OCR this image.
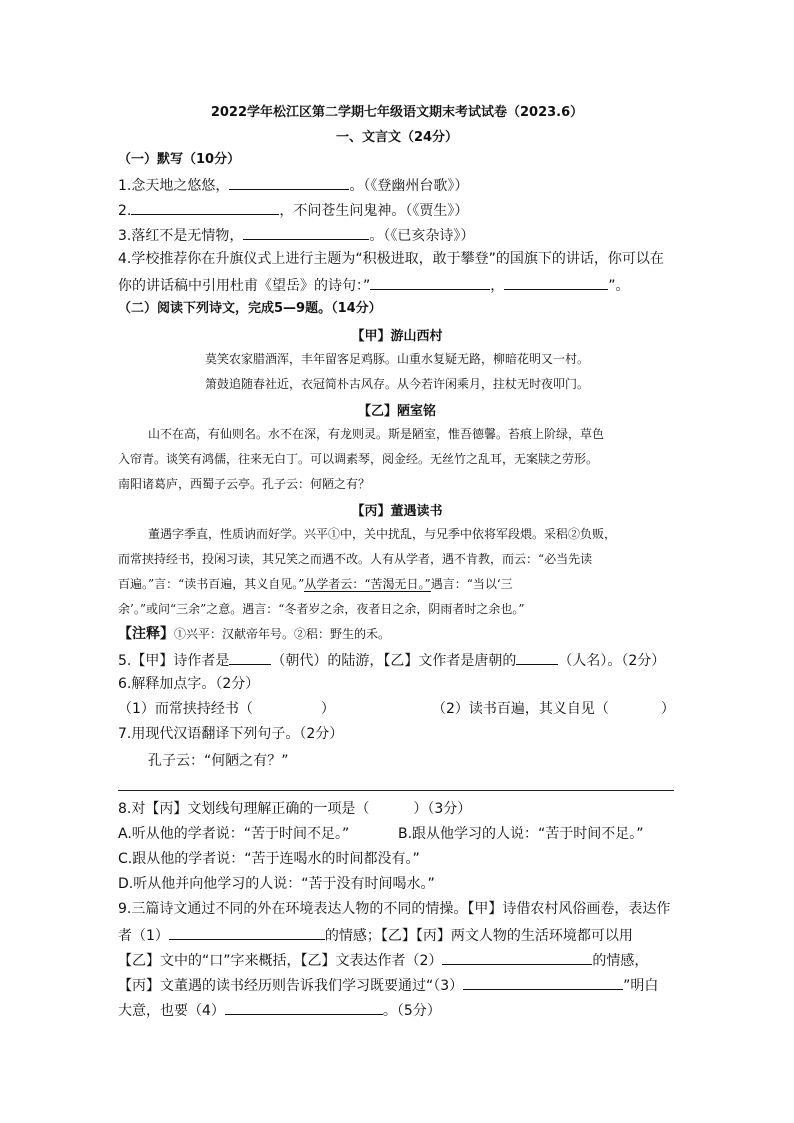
2022学年松江区第二学期七年级语文期末考试试卷（2023.6）
一、文言文（24分）
（一）默写（10分）
1.念天地之悠悠，	。（《登幽州台歌》）
2.	，不问苍生问鬼神。（《贾生》）
3.落红不是无情物，	。（《已亥杂诗》）
4.学校推荐你在升旗仪式上进行主题为“积极进取，敢于攀登”的国旗下的讲话，你可以在
你的讲话稿中引用杜甫《望岳》的诗句：”	，	”。
（二）阅读下列诗文，完成5—9题。（14分）
【甲】游山西村
莫笑农家腊酒浑，丰年留客足鸡豚。山重水复疑无路，柳暗花明又一村。
箫鼓追随春社近，衣冠简朴古风存。从今若许闲乘月，拄杖无时夜叩门。
【乙】陋室铭
山不在高，有仙则名。水不在深，有龙则灵。斯是陋室，惟吾德馨。苔痕上阶绿，草色
入帘青。谈笑有鸿儒，往来无白丁。可以调素琴，阅金经。无丝竹之乱耳，无案牍之劳形。
南阳诸葛庐，西蜀子云亭。孔子云：何陋之有？
【丙】董遇读书
董遇字季直，性质讷而好学。兴平①中，关中扰乱，与兄季中依将军段煨。采稆②负贩，
而常挟持经书，投闲习读，其兄笑之而遇不改。人有从学者，遇不肯教，而云：“必当先读
百遍。”言：“读书百遍，其义自见。”从学者云：“苦渴无日。”遇言：“当以‘三
余’。”或问“三余”之意。遇言：“冬者岁之余，夜者日之余，阴雨者时之余也。”
【注释】①兴平：汉献帝年号。②稆：野生的禾。
5.【甲】诗作者是	（朝代）的陆游，【乙】文作者是唐朝的	（人名）。（2分）
6.解释加点字。（2分）
（1）而常挟持经书（	）	（2）读书百遍，其义自见（	）
7.用现代汉语翻译下列句子。（2分）
孔子云：“何陋之有？”
8.对【丙】文划线句理解正确的一项是（	）（3分）
A.听从他的学者说：“苦于时间不足。”	B.跟从他学习的人说：“苦于时间不足。”
C.跟从他的学者说：“苦于连喝水的时间都没有。”
D.听从他并向他学习的人说：“苦于没有时间喝水。”
9.三篇诗文通过不同的外在环境表达人物的不同的情操。【甲】诗借农村风俗画卷，表达作
者（1）	的情感；【乙】【丙】两文人物的生活环境都可以用
【乙】文中的“口”字来概括，【乙】文表达作者（2）	的情感，
【丙】文董遇的读书经历则告诉我们学习既要通过“（3）	”明白
大意，也要（4）	。（5分）
